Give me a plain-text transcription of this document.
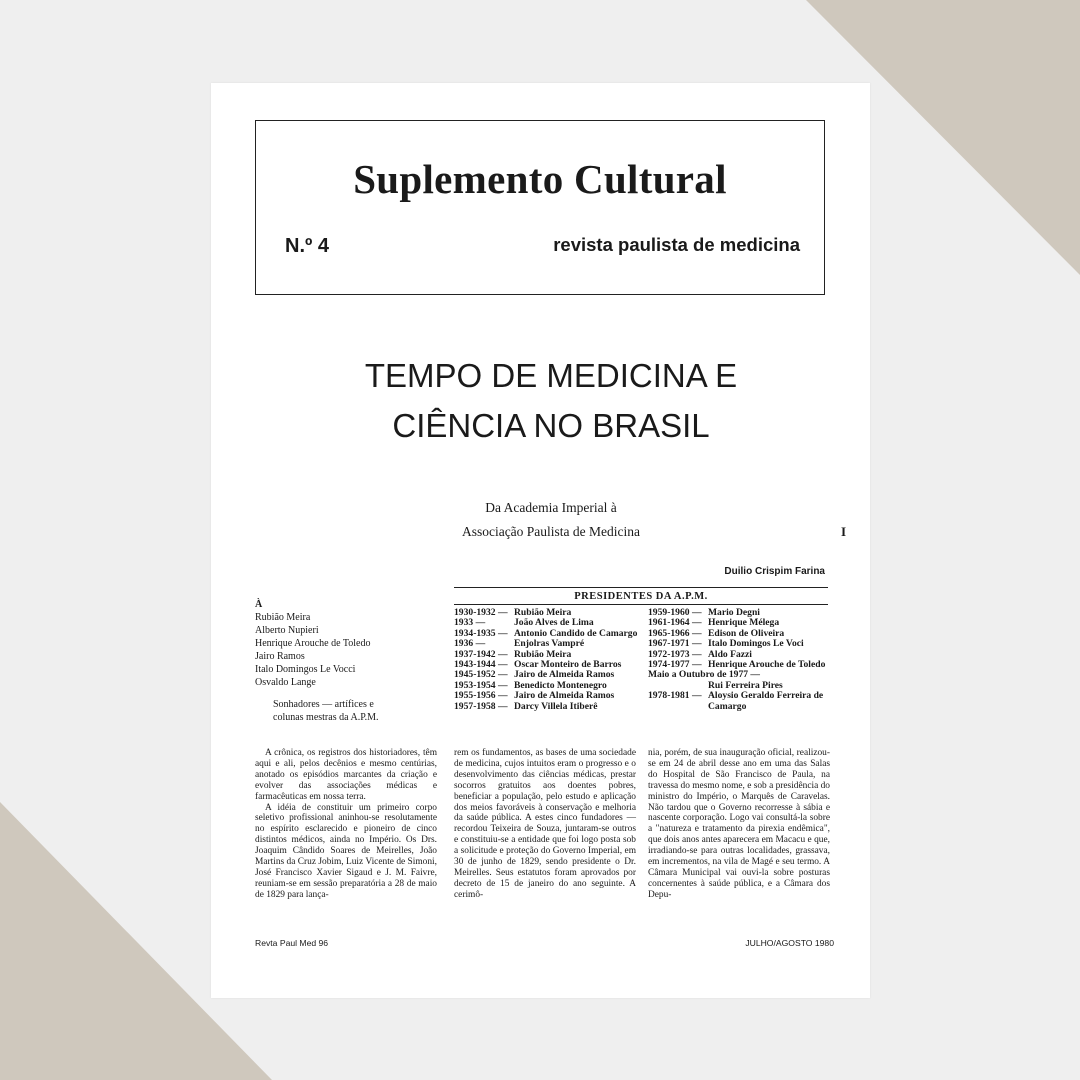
Suplemento Cultural
N.º 4	revista paulista de medicina
TEMPO DE MEDICINA E
CIÊNCIA NO BRASIL
Da Academia Imperial à
Associação Paulista de Medicina	I
Duilio Crispim Farina
À
Rubião Meira
Alberto Nupieri
Henrique Arouche de Toledo
Jairo Ramos
Italo Domingos Le Vocci
Osvaldo Lange
Sonhadores — artífices e
colunas mestras da A.P.M.
PRESIDENTES DA A.P.M.
1930-1932 — Rubião Meira
1933 —	João Alves de Lima
1934-1935 — Antonio Candido de Camargo
1936 —	Enjolras Vampré
1937-1942 — Rubião Meira
1943-1944 — Oscar Monteiro de Barros
1945-1952 — Jairo de Almeida Ramos
1953-1954 — Benedicto Montenegro
1955-1956 — Jairo de Almeida Ramos
1957-1958 — Darcy Villela Itiberê
1959-1960 — Mario Degni
1961-1964 — Henrique Mélega
1965-1966 — Edison de Oliveira
1967-1971 — Italo Domingos Le Voci
1972-1973 — Aldo Fazzi
1974-1977 — Henrique Arouche de Toledo
Maio a Outubro de 1977 —
Rui Ferreira Pires
1978-1981 — Aloysio Geraldo Ferreira de Camargo

A crônica, os registros dos historiadores, têm aqui e ali, pelos decênios e mesmo centúrias, anotado os episódios marcantes da criação e evolver das associações médicas e farmacêuticas em nossa terra.

A idéia de constituir um primeiro corpo seletivo profissional aninhou-se resolutamente no espírito esclarecido e pioneiro de cinco distintos médicos, ainda no Império. Os Drs. Joaquim Cândido Soares de Meirelles, João Martins da Cruz Jobim, Luiz Vicente de Simoni, José Francisco Xavier Sigaud e J. M. Faivre, reuniam-se em sessão preparatória a 28 de maio de 1829 para lança-

rem os fundamentos, as bases de uma sociedade de medicina, cujos intuitos eram o progresso e o desenvolvimento das ciências médicas, prestar socorros gratuitos aos doentes pobres, beneficiar a população, pelo estudo e aplicação dos meios favoráveis à conservação e melhoria da saúde pública. A estes cinco fundadores — recordou Teixeira de Souza, juntaram-se outros e constituiu-se a entidade que foi logo posta sob a solicitude e proteção do Governo Imperial, em 30 de junho de 1829, sendo presidente o Dr. Meirelles. Seus estatutos foram aprovados por decreto de 15 de janeiro do ano seguinte. A cerimô-

nia, porém, de sua inauguração oficial, realizou-se em 24 de abril desse ano em uma das Salas do Hospital de São Francisco de Paula, na travessa do mesmo nome, e sob a presidência do ministro do Império, o Marquês de Caravelas. Não tardou que o Governo recorresse à sábia e nascente corporação. Logo vai consultá-la sobre a "natureza e tratamento da pirexia endêmica", que dois anos antes aparecera em Macacu e que, irradiando-se para outras localidades, grassava, em incrementos, na vila de Magé e seu termo. A Câmara Municipal vai ouvi-la sobre posturas concernentes à saúde pública, e a Câmara dos Depu-

Revta Paul Med 96	JULHO/AGOSTO 1980
